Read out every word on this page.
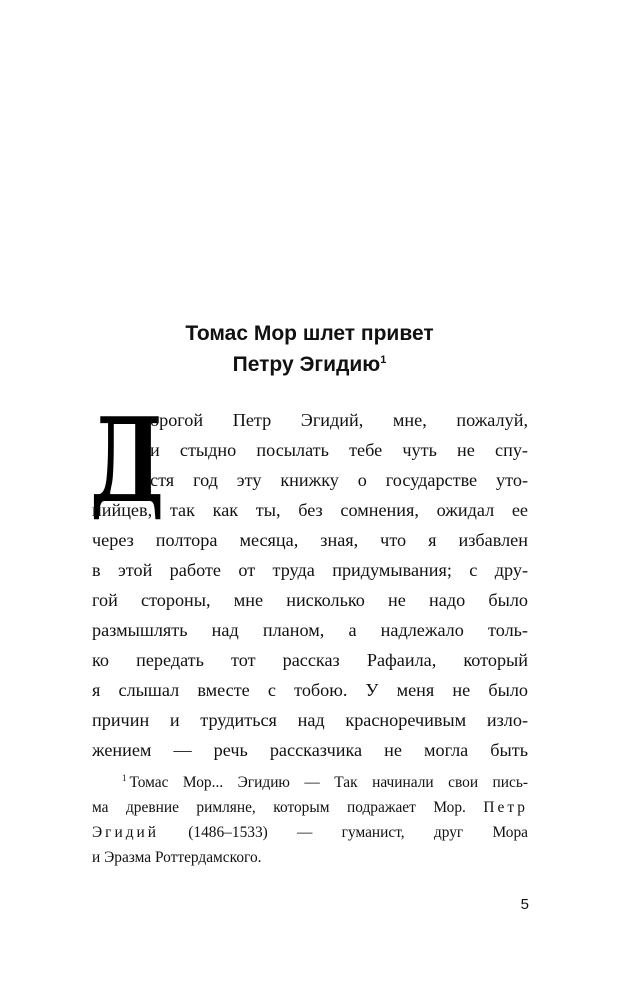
Томас Мор шлет привет
Петру Эгидию$^1$
Д
орогой Петр Эгидий, мне, пожалуй,
и стыдно посылать тебе чуть не спу-
стя год эту книжку о государстве уто-
пийцев, так как ты, без сомнения, ожидал ее
через полтора месяца, зная, что я избавлен
в этой работе от труда придумывания; с дру-
гой стороны, мне нисколько не надо было
размышлять над планом, а надлежало толь-
ко передать тот рассказ Рафаила, который
я слышал вместе с тобою. У меня не было
причин и трудиться над красноречивым изло-
жением — речь рассказчика не могла быть
$^1$ Томас Мор... Эгидию — Так начинали свои пись-
ма древние римляне, которым подражает Мор. Петр
Эгидий (1486–1533) — гуманист, друг Мора
и Эразма Роттердамского.
5
